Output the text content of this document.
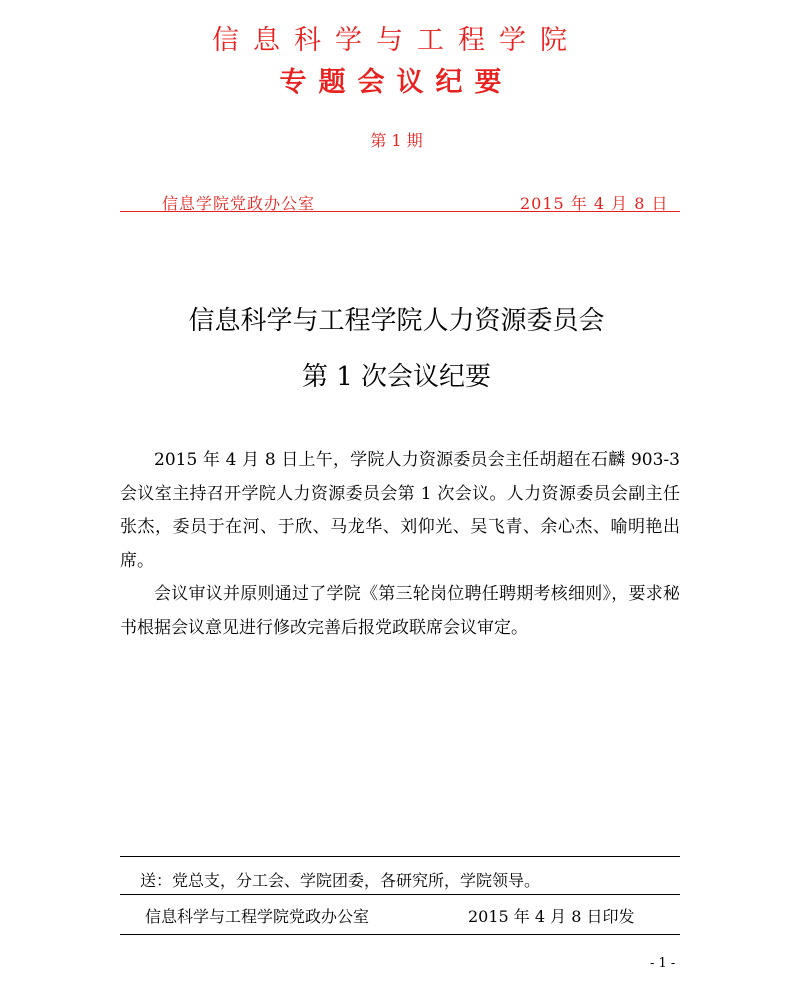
信息科学与工程学院
专题会议纪要
第 1 期
信息学院党政办公室	2015 年 4 月 8 日
信息科学与工程学院人力资源委员会
第 1 次会议纪要

2015 年 4 月 8 日上午，学院人力资源委员会主任胡超在石麟 903-3 会议室主持召开学院人力资源委员会第 1 次会议。人力资源委员会副主任张杰，委员于在河、于欣、马龙华、刘仰光、吴飞青、余心杰、喻明艳出席。

会议审议并原则通过了学院《第三轮岗位聘任聘期考核细则》，要求秘书根据会议意见进行修改完善后报党政联席会议审定。

送：党总支，分工会、学院团委，各研究所，学院领导。
信息科学与工程学院党政办公室	2015 年 4 月 8 日印发
- 1 -
